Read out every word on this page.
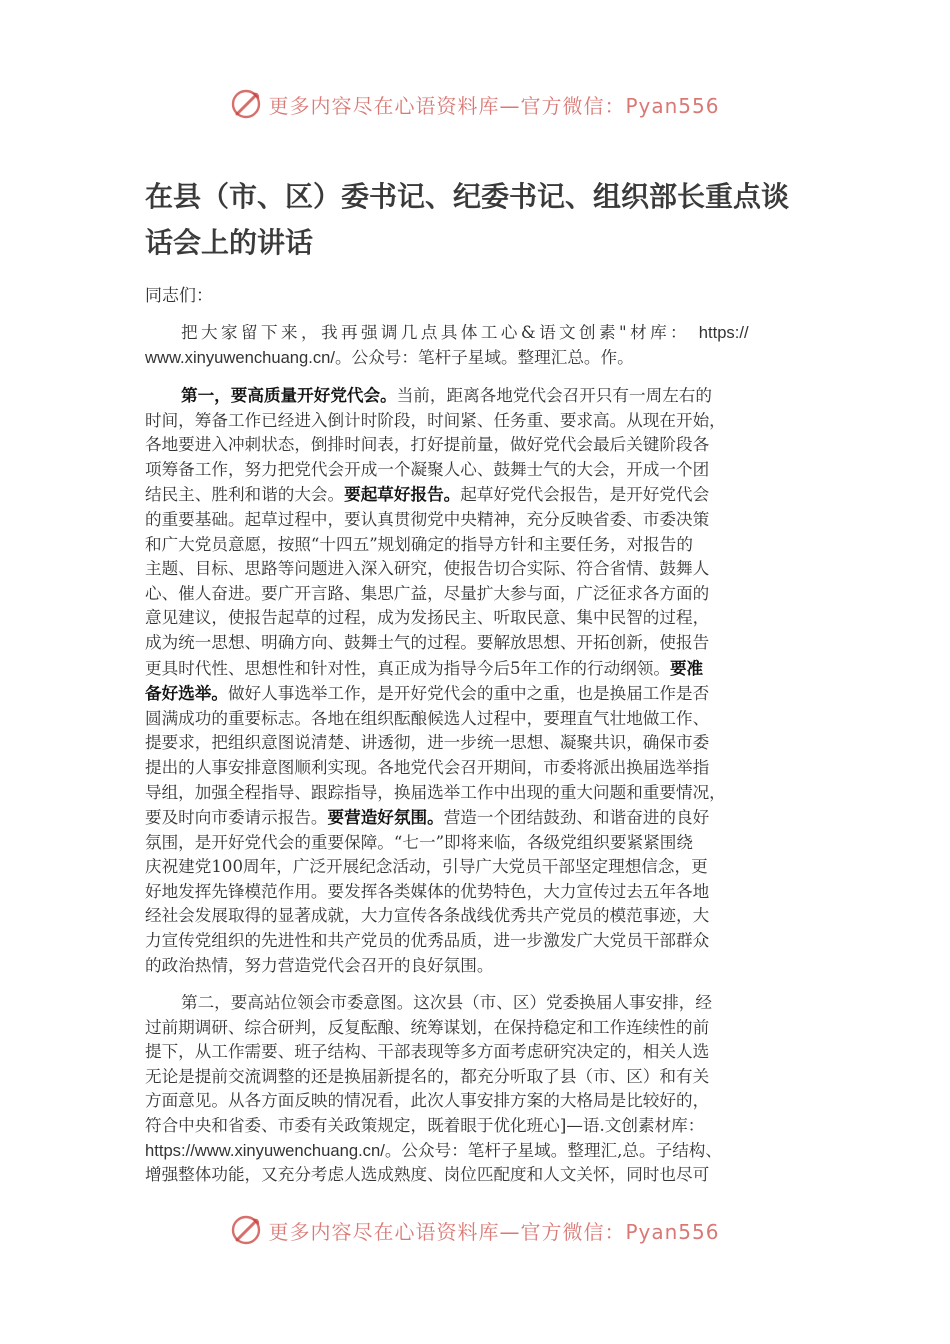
更多内容尽在心语资料库—官方微信：Pyan556
在县（市、区）委书记、纪委书记、组织部长重点谈
话会上的讲话
同志们：

把大家留下来，我再强调几点具体工心&语文创素"材库： https://
www.xinyuwenchuang.cn/。公众号：笔杆子星域。整理汇总。作。

第一，要高质量开好党代会。当前，距离各地党代会召开只有一周左右的
时间，筹备工作已经进入倒计时阶段，时间紧、任务重、要求高。从现在开始，
各地要进入冲刺状态，倒排时间表，打好提前量，做好党代会最后关键阶段各
项筹备工作，努力把党代会开成一个凝聚人心、鼓舞士气的大会，开成一个团
结民主、胜利和谐的大会。要起草好报告。起草好党代会报告，是开好党代会
的重要基础。起草过程中，要认真贯彻党中央精神，充分反映省委、市委决策
和广大党员意愿，按照“十四五”规划确定的指导方针和主要任务，对报告的
主题、目标、思路等问题进入深入研究，使报告切合实际、符合省情、鼓舞人
心、催人奋进。要广开言路、集思广益，尽量扩大参与面，广泛征求各方面的
意见建议，使报告起草的过程，成为发扬民主、听取民意、集中民智的过程，
成为统一思想、明确方向、鼓舞士气的过程。要解放思想、开拓创新，使报告
更具时代性、思想性和针对性，真正成为指导今后5年工作的行动纲领。要准
备好选举。做好人事选举工作，是开好党代会的重中之重，也是换届工作是否
圆满成功的重要标志。各地在组织酝酿候选人过程中，要理直气壮地做工作、
提要求，把组织意图说清楚、讲透彻，进一步统一思想、凝聚共识，确保市委
提出的人事安排意图顺利实现。各地党代会召开期间，市委将派出换届选举指
导组，加强全程指导、跟踪指导，换届选举工作中出现的重大问题和重要情况，
要及时向市委请示报告。要营造好氛围。营造一个团结鼓劲、和谐奋进的良好
氛围，是开好党代会的重要保障。“七一”即将来临，各级党组织要紧紧围绕
庆祝建党100周年，广泛开展纪念活动，引导广大党员干部坚定理想信念，更
好地发挥先锋模范作用。要发挥各类媒体的优势特色，大力宣传过去五年各地
经社会发展取得的显著成就，大力宣传各条战线优秀共产党员的模范事迹，大
力宣传党组织的先进性和共产党员的优秀品质，进一步激发广大党员干部群众
的政治热情，努力营造党代会召开的良好氛围。

第二，要高站位领会市委意图。这次县（市、区）党委换届人事安排，经
过前期调研、综合研判，反复酝酿、统筹谋划，在保持稳定和工作连续性的前
提下，从工作需要、班子结构、干部表现等多方面考虑研究决定的，相关人选
无论是提前交流调整的还是换届新提名的，都充分听取了县（市、区）和有关
方面意见。从各方面反映的情况看，此次人事安排方案的大格局是比较好的，
符合中央和省委、市委有关政策规定，既着眼于优化班心]—语.文创素材库：
https://www.xinyuwenchuang.cn/。公众号：笔杆子星域。整理汇,总。子结构、
增强整体功能，又充分考虑人选成熟度、岗位匹配度和人文关怀，同时也尽可

更多内容尽在心语资料库—官方微信：Pyan556
